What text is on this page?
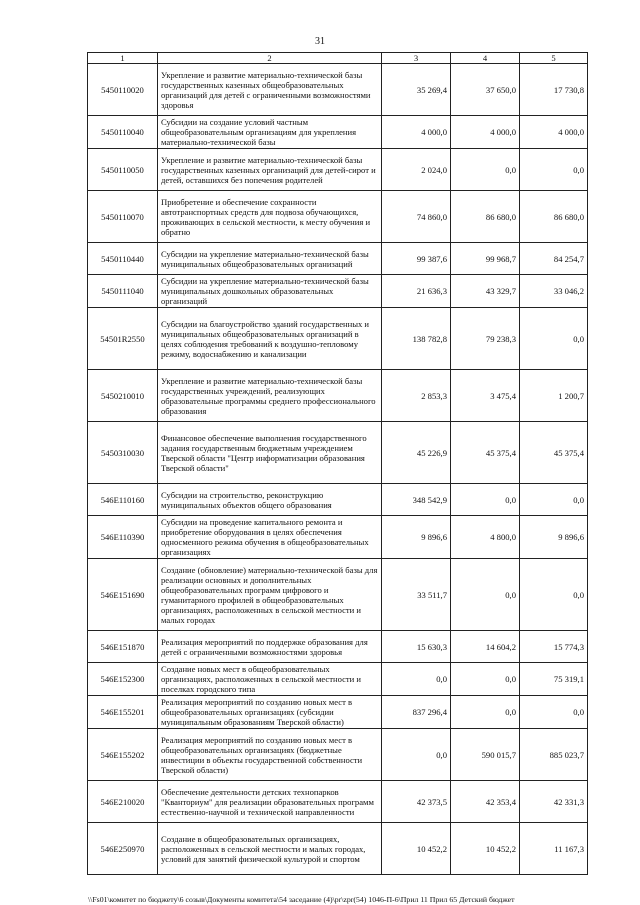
31
1	2	3	4	5
5450110020	Укрепление и развитие материально-технической базы государственных казенных общеобразовательных организаций для детей с ограниченными возможностями здоровья	35 269,4	37 650,0	17 730,8
5450110040	Субсидии на создание условий частным общеобразовательным организациям для укрепления материально-технической базы	4 000,0	4 000,0	4 000,0
5450110050	Укрепление и развитие материально-технической базы государственных казенных организаций для детей-сирот и детей, оставшихся без попечения родителей	2 024,0	0,0	0,0
5450110070	Приобретение и обеспечение сохранности автотранспортных средств для подвоза обучающихся, проживающих в сельской местности, к месту обучения и обратно	74 860,0	86 680,0	86 680,0
5450110440	Субсидии на укрепление материально-технической базы муниципальных общеобразовательных организаций	99 387,6	99 968,7	84 254,7
5450111040	Субсидии на укрепление материально-технической базы муниципальных дошкольных образовательных организаций	21 636,3	43 329,7	33 046,2
54501R2550	Субсидии на благоустройство зданий государственных и муниципальных общеобразовательных организаций в целях соблюдения требований к воздушно-тепловому режиму, водоснабжению и канализации	138 782,8	79 238,3	0,0
5450210010	Укрепление и развитие материально-технической базы государственных учреждений, реализующих образовательные программы среднего профессионального образования	2 853,3	3 475,4	1 200,7
5450310030	Финансовое обеспечение выполнения государственного задания государственным бюджетным учреждением Тверской области "Центр информатизации образования Тверской области"	45 226,9	45 375,4	45 375,4
546E110160	Субсидии на строительство, реконструкцию муниципальных объектов общего образования	348 542,9	0,0	0,0
546E110390	Субсидии на проведение капитального ремонта и приобретение оборудования в целях обеспечения односменного режима обучения в общеобразовательных организациях	9 896,6	4 800,0	9 896,6
546E151690	Создание (обновление) материально-технической базы для реализации основных и дополнительных общеобразовательных программ цифрового и гуманитарного профилей в общеобразовательных организациях, расположенных в сельской местности и малых городах	33 511,7	0,0	0,0
546E151870	Реализация мероприятий по поддержке образования для детей с ограниченными возможностями здоровья	15 630,3	14 604,2	15 774,3
546E152300	Создание новых мест в общеобразовательных организациях, расположенных в сельской местности и поселках городского типа	0,0	0,0	75 319,1
546E155201	Реализация мероприятий по созданию новых мест в общеобразовательных организациях (субсидии муниципальным образованиям Тверской области)	837 296,4	0,0	0,0
546E155202	Реализация мероприятий по созданию новых мест в общеобразовательных организациях (бюджетные инвестиции в объекты государственной собственности Тверской области)	0,0	590 015,7	885 023,7
546E210020	Обеспечение деятельности детских технопарков "Кванториум" для реализации образовательных программ естественно-научной и технической направленности	42 373,5	42 353,4	42 331,3
546E250970	Создание в общеобразовательных организациях, расположенных в сельской местности и малых городах, условий для занятий физической культурой и спортом	10 452,2	10 452,2	11 167,3
\\Fs01\комитет по бюджету\6 созыв\Документы комитета\54 заседание (4)\pr\zpr(54) 1046-П-6\Прил 11 Прил 65 Детский бюджет
